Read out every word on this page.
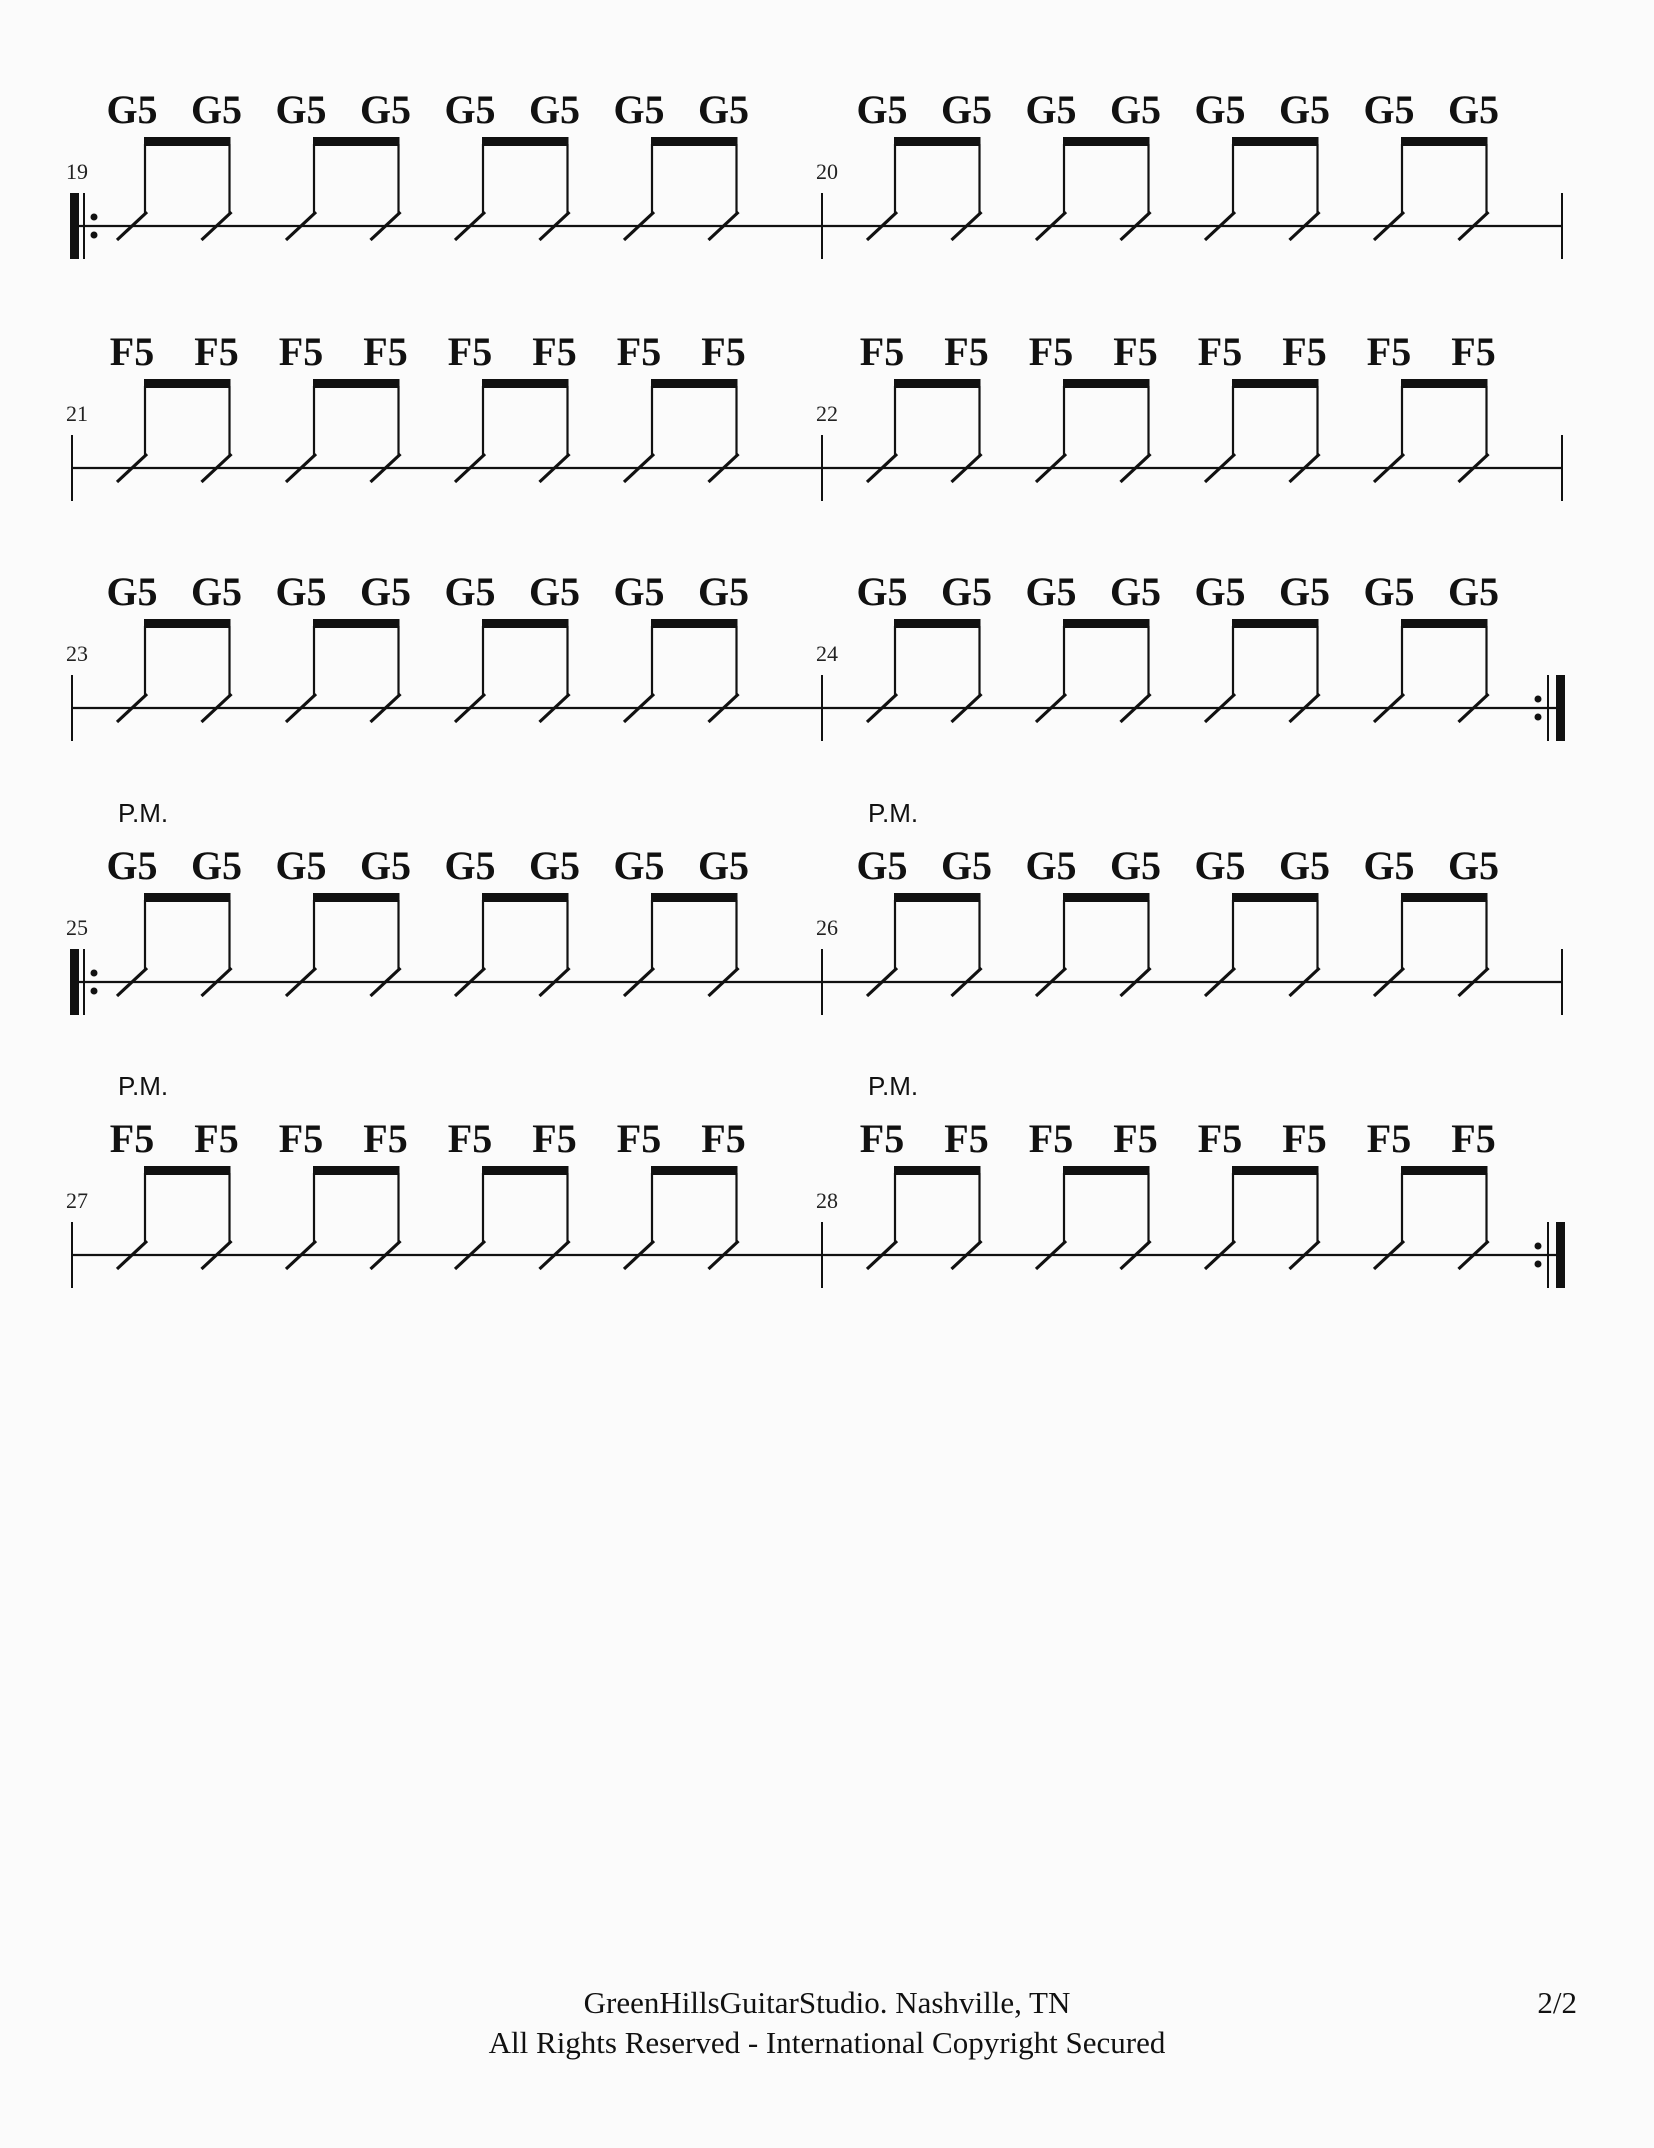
19
G5 G5 G5 G5 G5 G5 G5 G5
20
G5 G5 G5 G5 G5 G5 G5 G5
21
F5 F5 F5 F5 F5 F5 F5 F5
22
F5 F5 F5 F5 F5 F5 F5 F5
23
G5 G5 G5 G5 G5 G5 G5 G5
24
G5 G5 G5 G5 G5 G5 G5 G5
25
P.M.
G5 G5 G5 G5 G5 G5 G5 G5
26
P.M.
G5 G5 G5 G5 G5 G5 G5 G5
27
P.M.
F5 F5 F5 F5 F5 F5 F5 F5
28
P.M.
F5 F5 F5 F5 F5 F5 F5 F5
GreenHillsGuitarStudio. Nashville, TN
All Rights Reserved - International Copyright Secured
2/2
